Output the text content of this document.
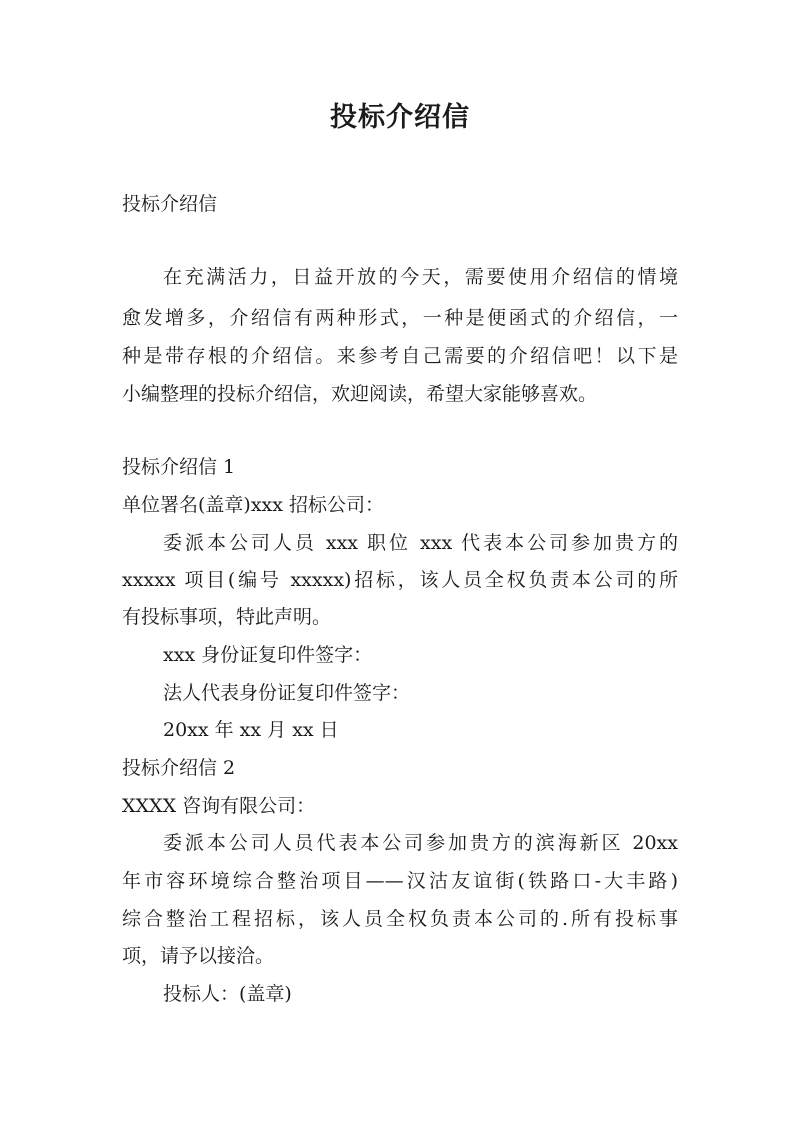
投标介绍信
投标介绍信
在充满活力，日益开放的今天，需要使用介绍信的情境
愈发增多，介绍信有两种形式，一种是便函式的介绍信，一
种是带存根的介绍信。来参考自己需要的介绍信吧！以下是
小编整理的投标介绍信，欢迎阅读，希望大家能够喜欢。
投标介绍信 1
单位署名(盖章)xxx 招标公司：
委派本公司人员 xxx 职位 xxx 代表本公司参加贵方的
xxxxx 项目(编号 xxxxx)招标，该人员全权负责本公司的所
有投标事项，特此声明。
xxx 身份证复印件签字：
法人代表身份证复印件签字：
20xx 年 xx 月 xx 日
投标介绍信 2
XXXX 咨询有限公司：
委派本公司人员代表本公司参加贵方的滨海新区 20xx
年市容环境综合整治项目——汉沽友谊街(铁路口-大丰路)
综合整治工程招标，该人员全权负责本公司的.所有投标事
项，请予以接洽。
投标人：(盖章)
